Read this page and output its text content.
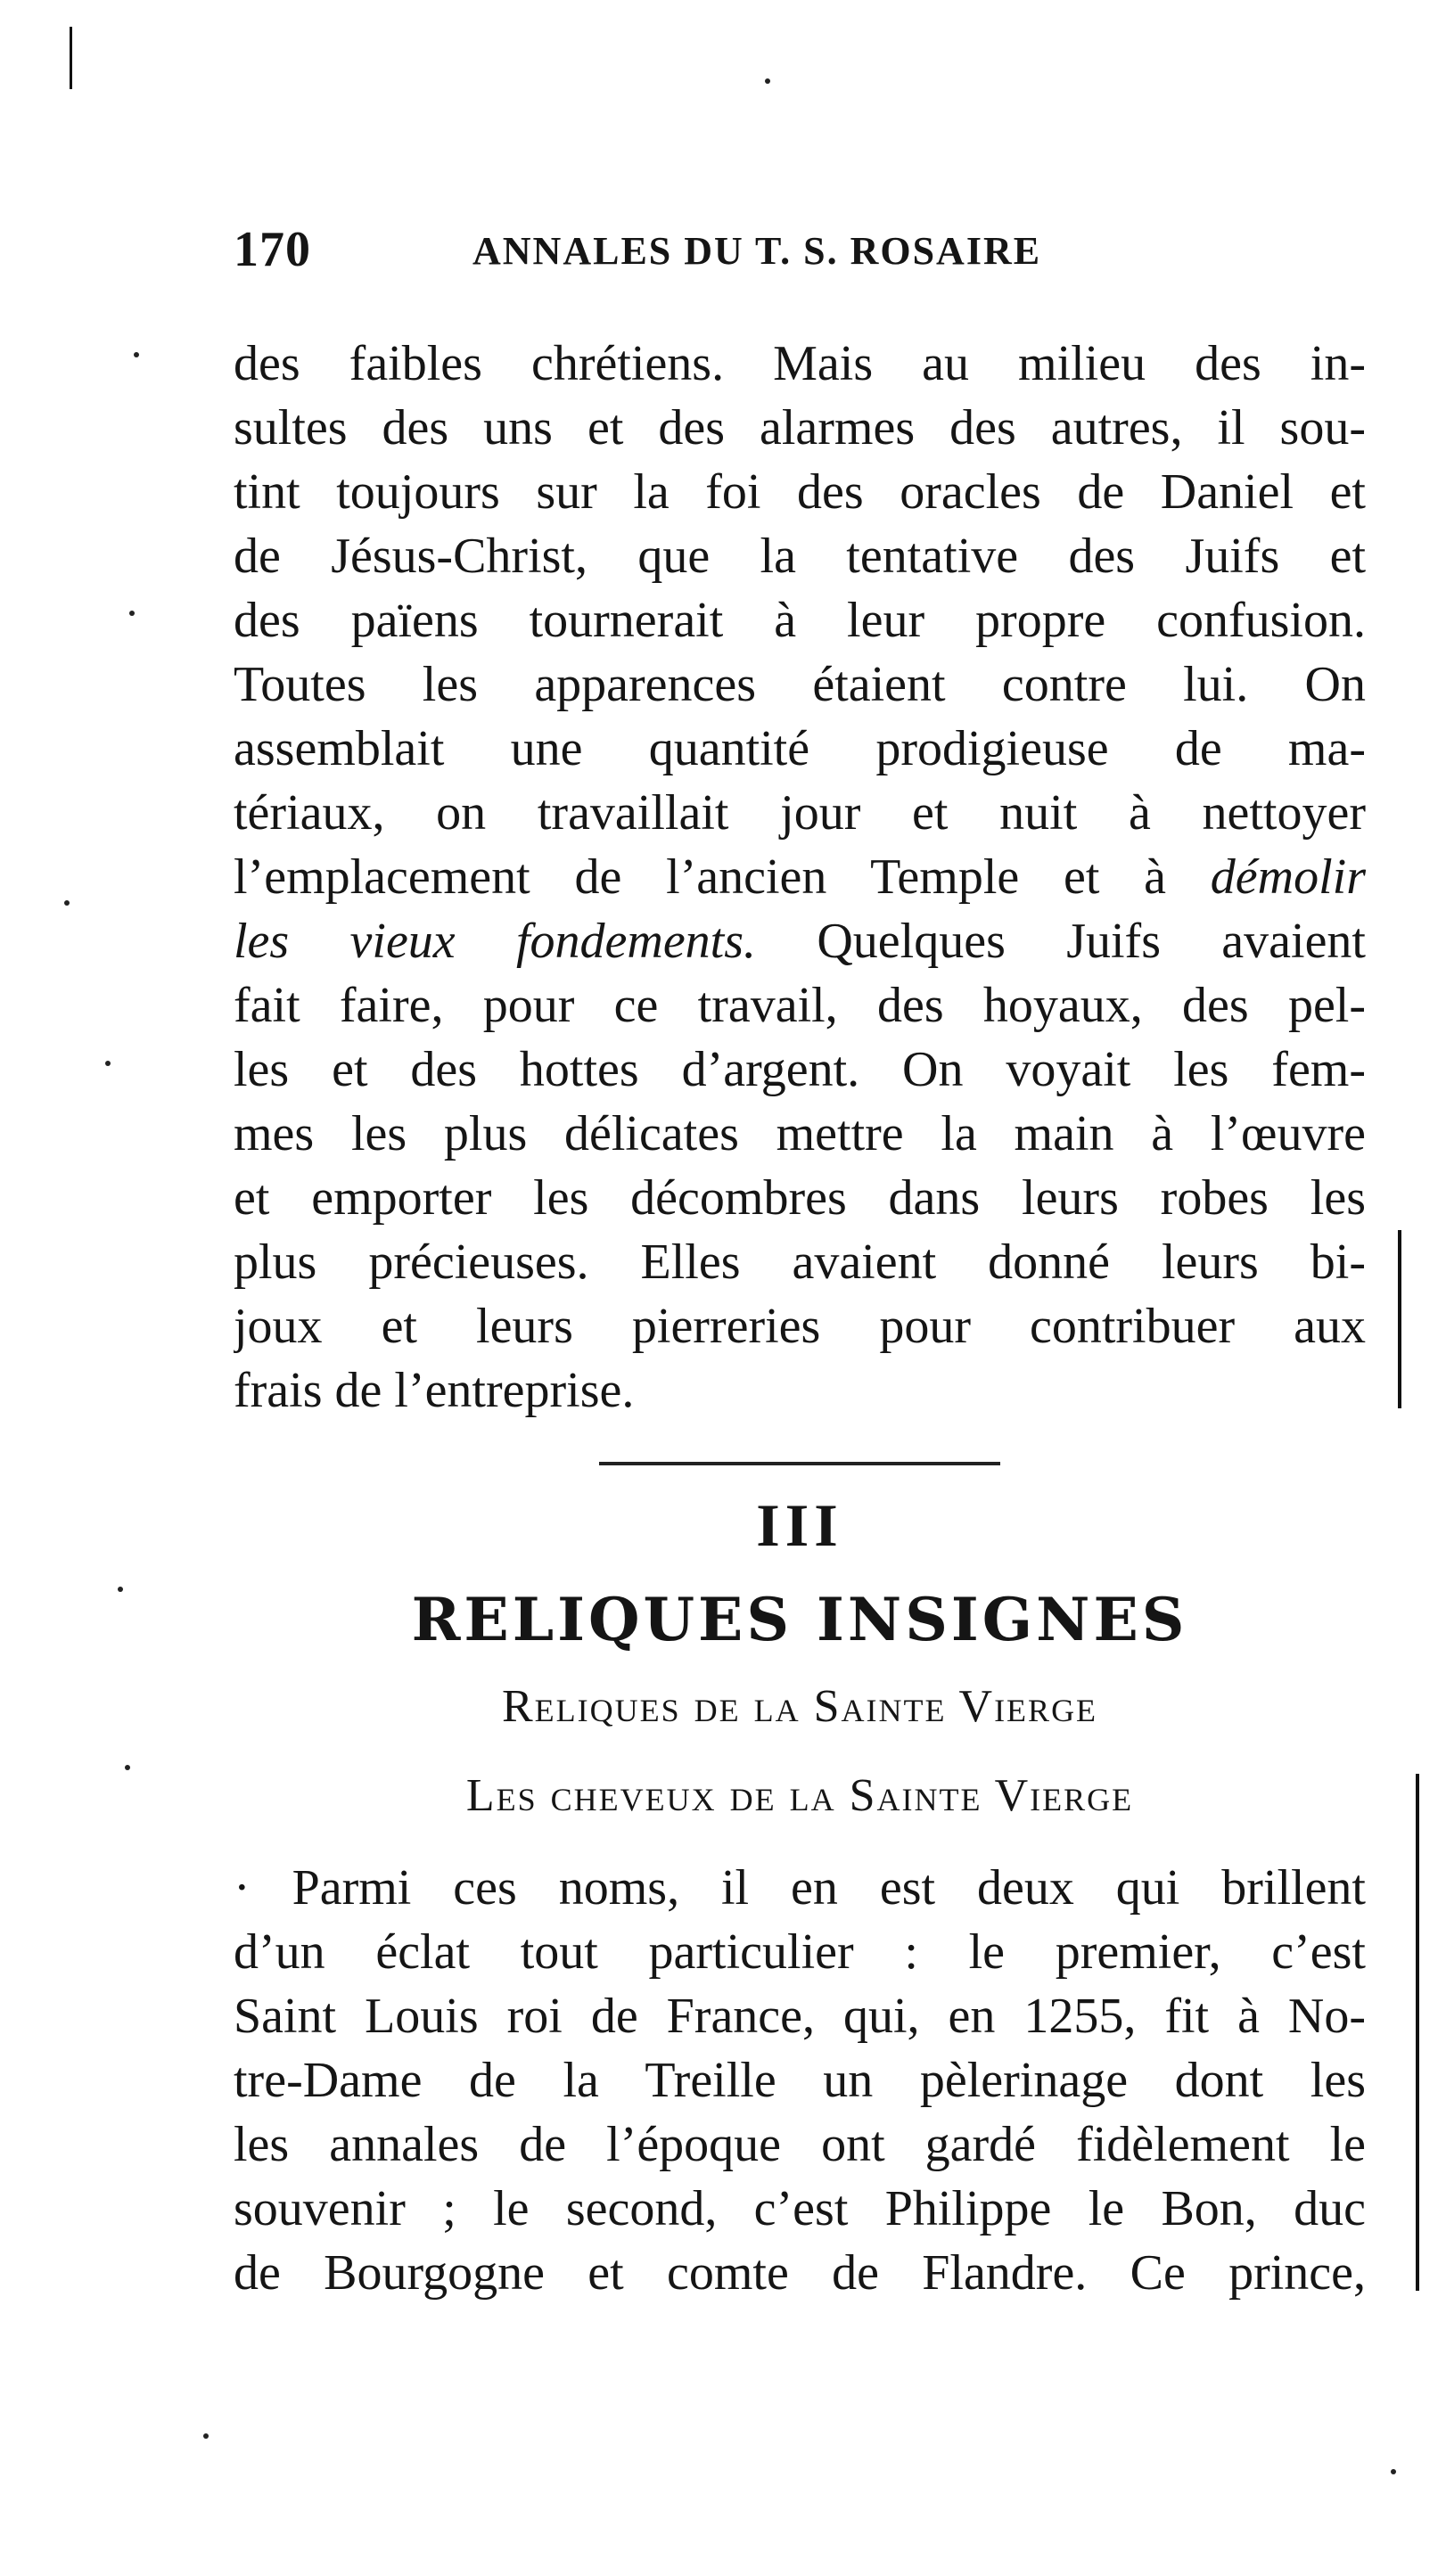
170	ANNALES DU T. S. ROSAIRE
des faibles chrétiens. Mais au milieu des in-
sultes des uns et des alarmes des autres, il sou-
tint toujours sur la foi des oracles de Daniel et
de Jésus-Christ, que la tentative des Juifs et
des païens tournerait à leur propre confusion.
Toutes les apparences étaient contre lui. On
assemblait une quantité prodigieuse de ma-
tériaux, on travaillait jour et nuit à nettoyer
l’emplacement de l’ancien Temple et à démolir
les vieux fondements. Quelques Juifs avaient
fait faire, pour ce travail, des hoyaux, des pel-
les et des hottes d’argent. On voyait les fem-
mes les plus délicates mettre la main à l’œuvre
et emporter les décombres dans leurs robes les
plus précieuses. Elles avaient donné leurs bi-
joux et leurs pierreries pour contribuer aux
frais de l’entreprise.
III
RELIQUES INSIGNES
Reliques de la Sainte Vierge
Les cheveux de la Sainte Vierge
· Parmi ces noms, il en est deux qui brillent
d’un éclat tout particulier : le premier, c’est
Saint Louis roi de France, qui, en 1255, fit à No-
tre-Dame de la Treille un pèlerinage dont les
les annales de l’époque ont gardé fidèlement le
souvenir ; le second, c’est Philippe le Bon, duc
de Bourgogne et comte de Flandre. Ce prince,
